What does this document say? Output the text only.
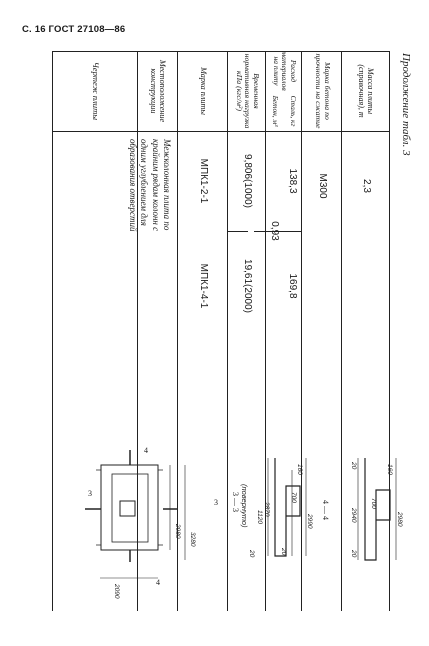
С. 16 ГОСТ 27108—86
Продолжение табл. 3
Масса плиты (справочная), т
Марка бетона по прочности на сжатие
Расход материалов на плиту
Сталь, кг
Бетон, м³
Временная нормативная нагрузка кПа (кгс/м²)
Марка плиты
Местоположение конструкции
Чертеж плиты
2,3
М300
138,3
169,8
0,93
9,806(1000)
19,61(2000)
МПК1-2-1
МПК1-4-1
Межколонная плита по крайним рядам колонн с одним углублением для образования отверстий
3
3
4
4
2980
3280
2090
3 — 3 (повернуто)
160
2870
20
1120
700
2990
20
4 — 4
160
20
700
2940	2980
20
